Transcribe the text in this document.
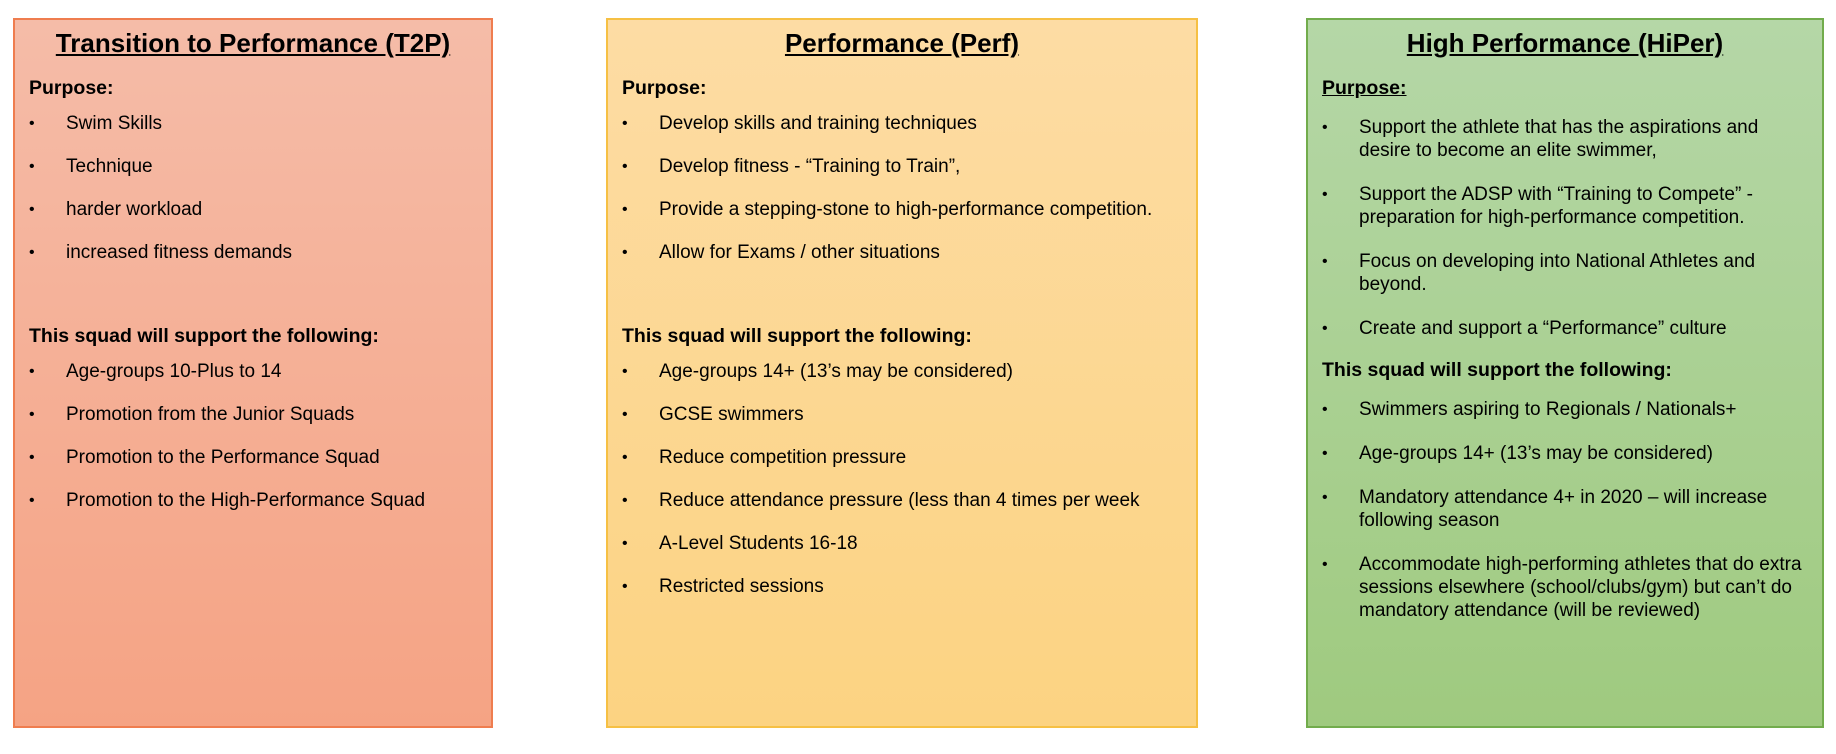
Transition to Performance (T2P)
Purpose:
• Swim Skills
• Technique
• harder workload
• increased fitness demands
This squad will support the following:
• Age-groups 10-Plus to 14
• Promotion from the Junior Squads
• Promotion to the Performance Squad
• Promotion to the High-Performance Squad
Performance (Perf)
Purpose:
• Develop skills and training techniques
• Develop fitness - “Training to Train”,
• Provide a stepping-stone to high-performance competition.
• Allow for Exams / other situations
This squad will support the following:
• Age-groups 14+ (13’s may be considered)
• GCSE swimmers
• Reduce competition pressure
• Reduce attendance pressure (less than 4 times per week
• A-Level Students 16-18
• Restricted sessions
High Performance (HiPer)
Purpose:
• Support the athlete that has the aspirations and desire to become an elite swimmer,
• Support the ADSP with “Training to Compete” - preparation for high-performance competition.
• Focus on developing into National Athletes and beyond.
• Create and support a “Performance” culture
This squad will support the following:
• Swimmers aspiring to Regionals / Nationals+
• Age-groups 14+ (13’s may be considered)
• Mandatory attendance 4+ in 2020 – will increase following season
• Accommodate high-performing athletes that do extra sessions elsewhere (school/clubs/gym) but can’t do mandatory attendance (will be reviewed)
